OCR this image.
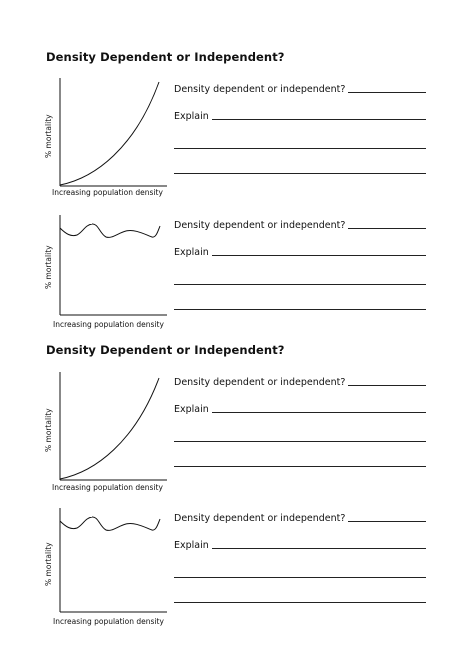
Density Dependent or Independent?
% mortality
Increasing population density
Density dependent or independent?
Explain
% mortality
Increasing population density
Density dependent or independent?
Explain
Density Dependent or Independent?
% mortality
Increasing population density
Density dependent or independent?
Explain
% mortality
Increasing population density
Density dependent or independent?
Explain
